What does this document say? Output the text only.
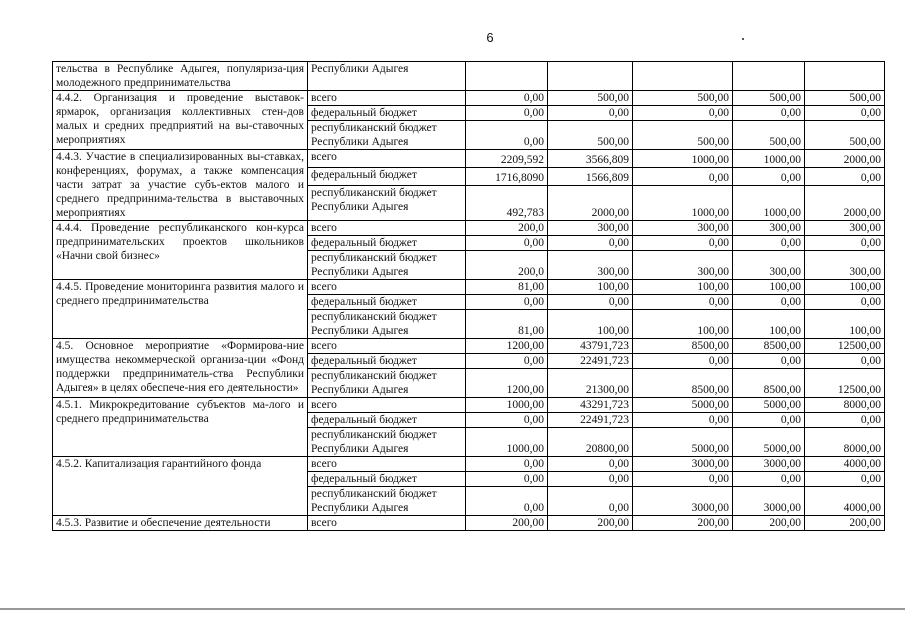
6
тельства в Республике Адыгея, популяриза-ция молодежного предпринимательства	Республики Адыгея					
4.4.2. Организация и проведение выставок-ярмарок, организация коллективных стен-дов малых и средних предприятий на вы-ставочных мероприятиях	всего	0,00	500,00	500,00	500,00	500,00
	федеральный бюджет	0,00	0,00	0,00	0,00	0,00
	республиканский бюджет Республики Адыгея	0,00	500,00	500,00	500,00	500,00
4.4.3. Участие в специализированных вы-ставках, конференциях, форумах, а также компенсация части затрат за участие субъ-ектов малого и среднего предпринима-тельства в выставочных мероприятиях	всего	2209,592	3566,809	1000,00	1000,00	2000,00
	федеральный бюджет	1716,8090	1566,809	0,00	0,00	0,00
	республиканский бюджет Республики Адыгея	492,783	2000,00	1000,00	1000,00	2000,00
4.4.4. Проведение республиканского кон-курса предпринимательских проектов школьников «Начни свой бизнес»	всего	200,0	300,00	300,00	300,00	300,00
	федеральный бюджет	0,00	0,00	0,00	0,00	0,00
	республиканский бюджет Республики Адыгея	200,0	300,00	300,00	300,00	300,00
4.4.5. Проведение мониторинга развития малого и среднего предпринимательства	всего	81,00	100,00	100,00	100,00	100,00
	федеральный бюджет	0,00	0,00	0,00	0,00	0,00
	республиканский бюджет Республики Адыгея	81,00	100,00	100,00	100,00	100,00
4.5. Основное мероприятие «Формирова-ние имущества некоммерческой организа-ции «Фонд поддержки предприниматель-ства Республики Адыгея» в целях обеспече-ния его деятельности»	всего	1200,00	43791,723	8500,00	8500,00	12500,00
	федеральный бюджет	0,00	22491,723	0,00	0,00	0,00
	республиканский бюджет Республики Адыгея	1200,00	21300,00	8500,00	8500,00	12500,00
4.5.1. Микрокредитование субъектов ма-лого и среднего предпринимательства	всего	1000,00	43291,723	5000,00	5000,00	8000,00
	федеральный бюджет	0,00	22491,723	0,00	0,00	0,00
	республиканский бюджет Республики Адыгея	1000,00	20800,00	5000,00	5000,00	8000,00
4.5.2. Капитализация гарантийного фонда	всего	0,00	0,00	3000,00	3000,00	4000,00
	федеральный бюджет	0,00	0,00	0,00	0,00	0,00
	республиканский бюджет Республики Адыгея	0,00	0,00	3000,00	3000,00	4000,00
4.5.3. Развитие и обеспечение деятельности	всего	200,00	200,00	200,00	200,00	200,00
